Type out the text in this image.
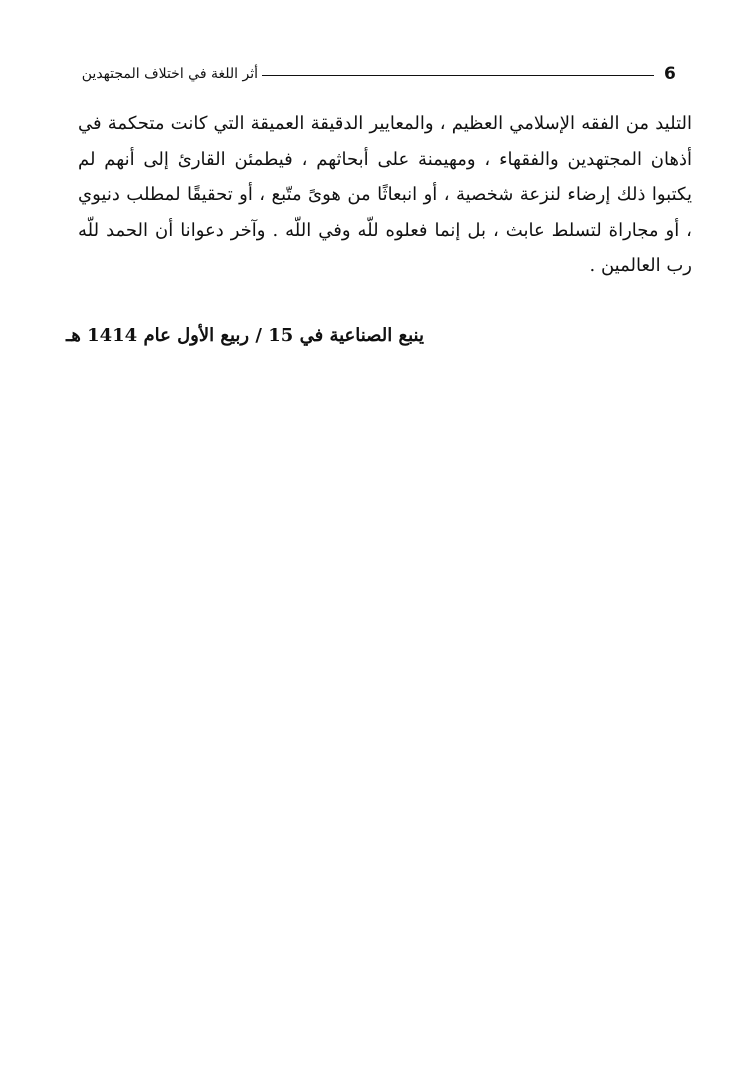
6
أثر اللغة في اختلاف المجتهدين

التليد من الفقه الإسلامي العظيم ، والمعايير الدقيقة العميقة التي كانت متحكمة في أذهان المجتهدين والفقهاء ، ومهيمنة على أبحاثهم ، فيطمئن القارئ إلى أنهم لم يكتبوا ذلك إرضاء لنزعة شخصية ، أو انبعاثًا من هوىً متّبع ، أو تحقيقًا لمطلب دنيوي ، أو مجاراة لتسلط عابث ، بل إنما فعلوه للّه وفي اللّه . وآخر دعوانا أن الحمد للّه رب العالمين .

ينبع الصناعية في 15 / ربيع الأول عام 1414 هـ
